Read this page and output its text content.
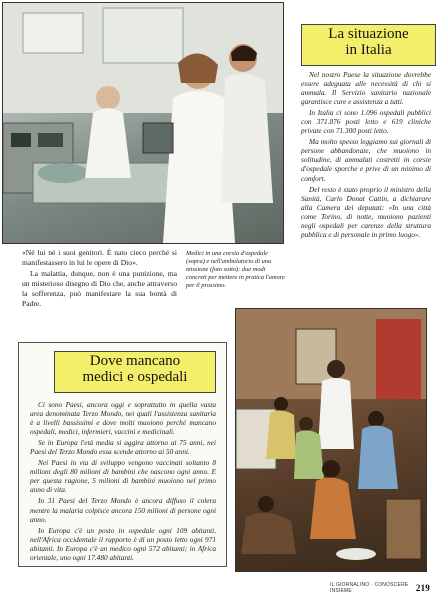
La situazione
in Italia

Nel nostro Paese la situazione dovrebbe essere adeguata alle necessità di chi si ammala. Il Servizio sanitario nazionale garantisce cure e assistenza a tutti.

In Italia ci sono 1.096 ospedali pubblici con 371.876 posti letto e 619 cliniche private con 71.300 posti letto.

Ma molto spesso leggiamo sui giornali di persone abbandonate, che muoiono in solitudine, di ammalati costretti in corsie d'ospedale sporche e prive di un minimo di comfort.

Del resto è stato proprio il ministro della Sanità, Carlo Donat Cattin, a dichiarare alla Camera dei deputati: «In una città come Torino, di notte, muoiono pazienti negli ospedali per carenze della struttura pubblica e di personale in primo luogo».

«Né lui né i suoi genitori. È nato cieco perché si manifestassero in lui le opere di Dio».

La malattia, dunque, non è una punizione, ma un misterioso disegno di Dio che, anche attraverso la sofferenza, può manifestare la sua bontà di Padre.

Medici in una corsia d'ospedale (sopra) e nell'ambulatorio di una missione (foto sotto): due modi concreti per mettere in pratica l'amore per il prossimo.
Dove mancano
medici e ospedali

Ci sono Paesi, ancora oggi e soprattutto in quella vasta area denominata Terzo Mondo, nei quali l'assistenza sanitaria è a livelli bassissimi e dove molti muoiono perché mancano ospedali, medici, infermieri, vaccini e medicinali.

Se in Europa l'età media si aggira attorno ai 75 anni, nei Paesi del Terzo Mondo essa scende attorno ai 50 anni.

Nei Paesi in via di sviluppo vengono vaccinati soltanto 8 milioni degli 80 milioni di bambini che nascono ogni anno. E per questa ragione, 5 milioni di bambini muoiono nel primo anno di vita.

In 31 Paesi del Terzo Mondo è ancora diffuso il colera mentre la malaria colpisce ancora 150 milioni di persone ogni anno.

In Europa c'è un posto in ospedale ogni 109 abitanti, nell'Africa occidentale il rapporto è di un posto letto ogni 971 abitanti. In Europa c'è un medico ogni 572 abitanti; in Africa orientale, uno ogni 17.480 abitanti.

IL GIORNALINO · CONOSCERE INSIEME	219
